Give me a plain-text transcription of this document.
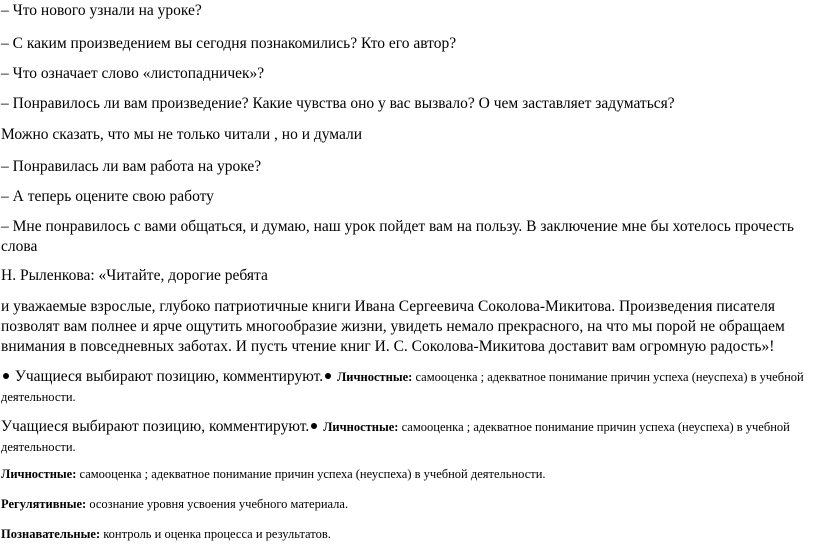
– Что нового узнали на уроке?
– С каким произведением вы сегодня познакомились? Кто его автор?
– Что означает слово «листопадничек»?
– Понравилось ли вам произведение? Какие чувства оно у вас вызвало? О чем заставляет задуматься?
Можно сказать, что мы не только читали , но и думали
– Понравилась ли вам работа на уроке?
– А теперь оцените свою работу
– Мне понравилось с вами общаться, и думаю, наш урок пойдет вам на пользу. В заключение мне бы хотелось прочесть слова
Н. Рыленкова: «Читайте, дорогие ребята
и уважаемые взрослые, глубоко патриотичные книги Ивана Сергеевича Соколова-Микитова. Произведения писателя позволят вам полнее и ярче ощутить многообразие жизни, увидеть немало прекрасного, на что мы порой не обращаем внимания в повседневных заботах. И пусть чтение книг И. С. Соколова-Микитова доставит вам огромную радость»!
Учащиеся выбирают позицию, комментируют. Личностные: самооценка ; адекватное понимание причин успеха (неуспеха) в учебной деятельности.
Учащиеся выбирают позицию, комментируют. Личностные: самооценка ; адекватное понимание причин успеха (неуспеха) в учебной деятельности.
Личностные: самооценка ; адекватное понимание причин успеха (неуспеха) в учебной деятельности.
Регулятивные: осознание уровня усвоения учебного материала.
Познавательные: контроль и оценка процесса и результатов.
